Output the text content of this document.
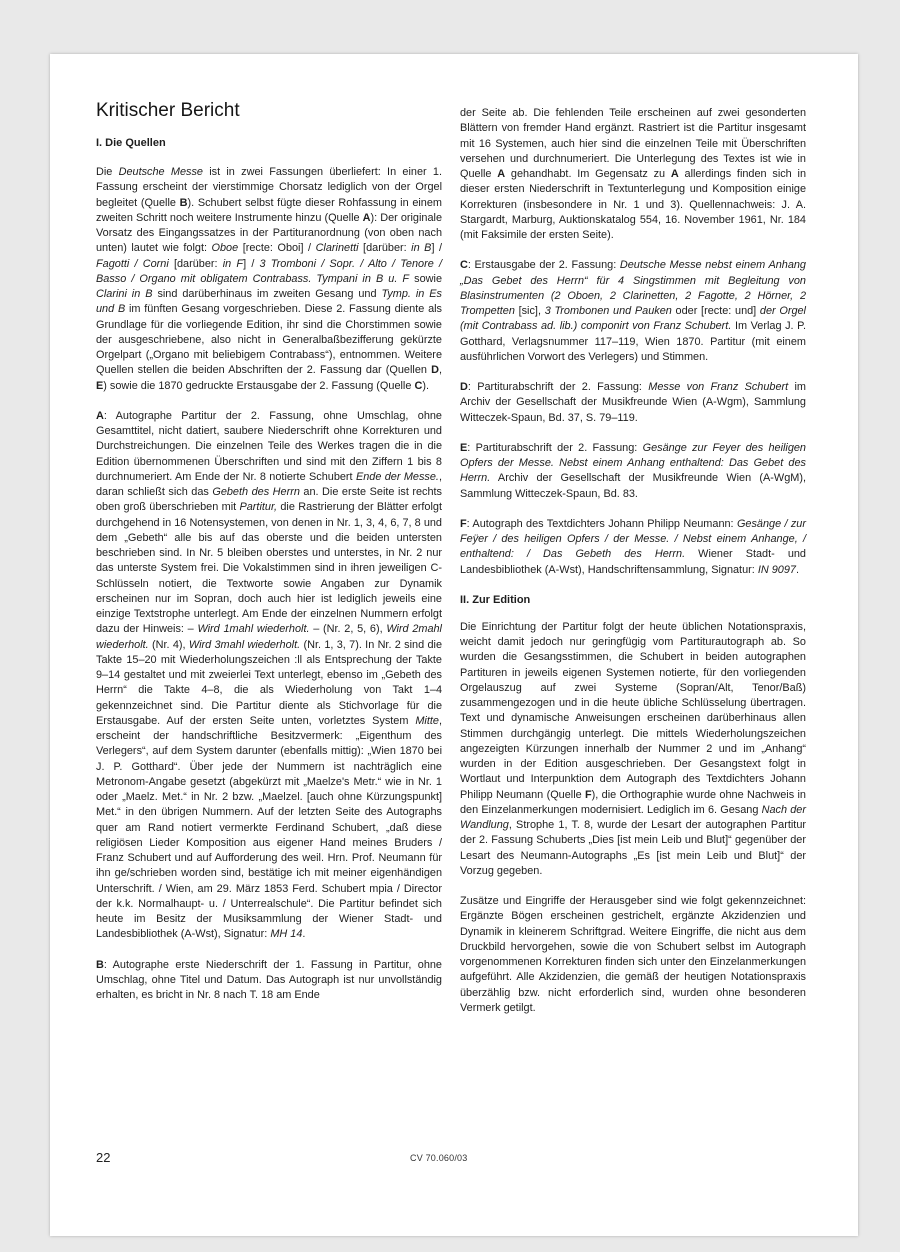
Kritischer Bericht
I. Die Quellen

Die Deutsche Messe ist in zwei Fassungen überliefert: In einer 1. Fassung erscheint der vierstimmige Chorsatz lediglich von der Orgel begleitet (Quelle B). Schubert selbst fügte dieser Rohfassung in einem zweiten Schritt noch weitere Instrumente hinzu (Quelle A): Der originale Vorsatz des Eingangssatzes in der Partituranordnung (von oben nach unten) lautet wie folgt: Oboe [recte: Oboi] / Clarinetti [darüber: in B] / Fagotti / Corni [darüber: in F] / 3 Tromboni / Sopr. / Alto / Tenore / Basso / Organo mit obligatem Contrabass. Tympani in B u. F sowie Clarini in B sind darüberhinaus im zweiten Gesang und Tymp. in Es und B im fünften Gesang vorgeschrieben. Diese 2. Fassung diente als Grundlage für die vorliegende Edition, ihr sind die Chorstimmen sowie der ausgeschriebene, also nicht in Generalbaßbezifferung gekürzte Orgelpart („Organo mit beliebigem Contrabass“), entnommen. Weitere Quellen stellen die beiden Abschriften der 2. Fassung dar (Quellen D, E) sowie die 1870 gedruckte Erstausgabe der 2. Fassung (Quelle C).

A: Autographe Partitur der 2. Fassung, ohne Umschlag, ohne Gesamttitel, nicht datiert, saubere Niederschrift ohne Korrekturen und Durchstreichungen. Die einzelnen Teile des Werkes tragen die in die Edition übernommenen Überschriften und sind mit den Ziffern 1 bis 8 durchnumeriert. Am Ende der Nr. 8 notierte Schubert Ende der Messe., daran schließt sich das Gebeth des Herrn an. Die erste Seite ist rechts oben groß überschrieben mit Partitur, die Rastrierung der Blätter erfolgt durchgehend in 16 Notensystemen, von denen in Nr. 1, 3, 4, 6, 7, 8 und dem „Gebeth“ alle bis auf das oberste und die beiden untersten beschrieben sind. In Nr. 5 bleiben oberstes und unterstes, in Nr. 2 nur das unterste System frei. Die Vokalstimmen sind in ihren jeweiligen C-Schlüsseln notiert, die Textworte sowie Angaben zur Dynamik erscheinen nur im Sopran, doch auch hier ist lediglich jeweils eine einzige Textstrophe unterlegt. Am Ende der einzelnen Nummern erfolgt dazu der Hinweis: – Wird 1mahl wiederholt. – (Nr. 2, 5, 6), Wird 2mahl wiederholt. (Nr. 4), Wird 3mahl wiederholt. (Nr. 1, 3, 7). In Nr. 2 sind die Takte 15–20 mit Wiederholungszeichen :ll als Entsprechung der Takte 9–14 gestaltet und mit zweierlei Text unterlegt, ebenso im „Gebeth des Herrn“ die Takte 4–8, die als Wiederholung von Takt 1–4 gekennzeichnet sind. Die Partitur diente als Stichvorlage für die Erstausgabe. Auf der ersten Seite unten, vorletztes System Mitte, erscheint der handschriftliche Besitzvermerk: „Eigenthum des Verlegers“, auf dem System darunter (ebenfalls mittig): „Wien 1870 bei J. P. Gotthard“. Über jede der Nummern ist nachträglich eine Metronom-Angabe gesetzt (abgekürzt mit „Maelze's Metr.“ wie in Nr. 1 oder „Maelz. Met.“ in Nr. 2 bzw. „Maelzel. [auch ohne Kürzungspunkt] Met.“ in den übrigen Nummern. Auf der letzten Seite des Autographs quer am Rand notiert vermerkte Ferdinand Schubert, „daß diese religiösen Lieder Komposition aus eigener Hand meines Bruders / Franz Schubert und auf Aufforderung des weil. Hrn. Prof. Neumann für ihn ge/schrieben worden sind, bestätige ich mit meiner eigenhändigen Unterschrift. / Wien, am 29. März 1853 Ferd. Schubert mpia / Director der k.k. Normalhaupt- u. / Unterrealschule“. Die Partitur befindet sich heute im Besitz der Musiksammlung der Wiener Stadt- und Landesbibliothek (A-Wst), Signatur: MH 14.

B: Autographe erste Niederschrift der 1. Fassung in Partitur, ohne Umschlag, ohne Titel und Datum. Das Autograph ist nur unvollständig erhalten, es bricht in Nr. 8 nach T. 18 am Ende

der Seite ab. Die fehlenden Teile erscheinen auf zwei gesonderten Blättern von fremder Hand ergänzt. Rastriert ist die Partitur insgesamt mit 16 Systemen, auch hier sind die einzelnen Teile mit Überschriften versehen und durchnumeriert. Die Unterlegung des Textes ist wie in Quelle A gehandhabt. Im Gegensatz zu A allerdings finden sich in dieser ersten Niederschrift in Textunterlegung und Komposition einige Korrekturen (insbesondere in Nr. 1 und 3). Quellennachweis: J. A. Stargardt, Marburg, Auktionskatalog 554, 16. November 1961, Nr. 184 (mit Faksimile der ersten Seite).

C: Erstausgabe der 2. Fassung: Deutsche Messe nebst einem Anhang „Das Gebet des Herrn“ für 4 Singstimmen mit Begleitung von Blasinstrumenten (2 Oboen, 2 Clarinetten, 2 Fagotte, 2 Hörner, 2 Trompetten [sic], 3 Trombonen und Pauken oder [recte: und] der Orgel (mit Contrabass ad. lib.) componirt von Franz Schubert. Im Verlag J. P. Gotthard, Verlagsnummer 117–119, Wien 1870. Partitur (mit einem ausführlichen Vorwort des Verlegers) und Stimmen.

D: Partiturabschrift der 2. Fassung: Messe von Franz Schubert im Archiv der Gesellschaft der Musikfreunde Wien (A-Wgm), Sammlung Witteczek-Spaun, Bd. 37, S. 79–119.

E: Partiturabschrift der 2. Fassung: Gesänge zur Feyer des heiligen Opfers der Messe. Nebst einem Anhang enthaltend: Das Gebet des Herrn. Archiv der Gesellschaft der Musikfreunde Wien (A-WgM), Sammlung Witteczek-Spaun, Bd. 83.

F: Autograph des Textdichters Johann Philipp Neumann: Gesänge / zur Feÿer / des heiligen Opfers / der Messe. / Nebst einem Anhange, / enthaltend: / Das Gebeth des Herrn. Wiener Stadt- und Landesbibliothek (A-Wst), Handschriftensammlung, Signatur: IN 9097.

II. Zur Edition

Die Einrichtung der Partitur folgt der heute üblichen Notationspraxis, weicht damit jedoch nur geringfügig vom Partiturautograph ab. So wurden die Gesangsstimmen, die Schubert in beiden autographen Partituren in jeweils eigenen Systemen notierte, für den vorliegenden Orgelauszug auf zwei Systeme (Sopran/Alt, Tenor/Baß) zusammengezogen und in die heute übliche Schlüsselung übertragen. Text und dynamische Anweisungen erscheinen darüberhinaus allen Stimmen durchgängig unterlegt. Die mittels Wiederholungszeichen angezeigten Kürzungen innerhalb der Nummer 2 und im „Anhang“ wurden in der Edition ausgeschrieben. Der Gesangstext folgt in Wortlaut und Interpunktion dem Autograph des Textdichters Johann Philipp Neumann (Quelle F), die Orthographie wurde ohne Nachweis in den Einzelanmerkungen modernisiert. Lediglich im 6. Gesang Nach der Wandlung, Strophe 1, T. 8, wurde der Lesart der autographen Partitur der 2. Fassung Schuberts „Dies [ist mein Leib und Blut]“ gegenüber der Lesart des Neumann-Autographs „Es [ist mein Leib und Blut]“ der Vorzug gegeben.

Zusätze und Eingriffe der Herausgeber sind wie folgt gekennzeichnet: Ergänzte Bögen erscheinen gestrichelt, ergänzte Akzidenzien und Dynamik in kleinerem Schriftgrad. Weitere Eingriffe, die nicht aus dem Druckbild hervorgehen, sowie die von Schubert selbst im Autograph vorgenommenen Korrekturen finden sich unter den Einzelanmerkungen aufgeführt. Alle Akzidenzien, die gemäß der heutigen Notationspraxis überzählig bzw. nicht erforderlich sind, wurden ohne besonderen Vermerk getilgt.

22	CV 70.060/03
